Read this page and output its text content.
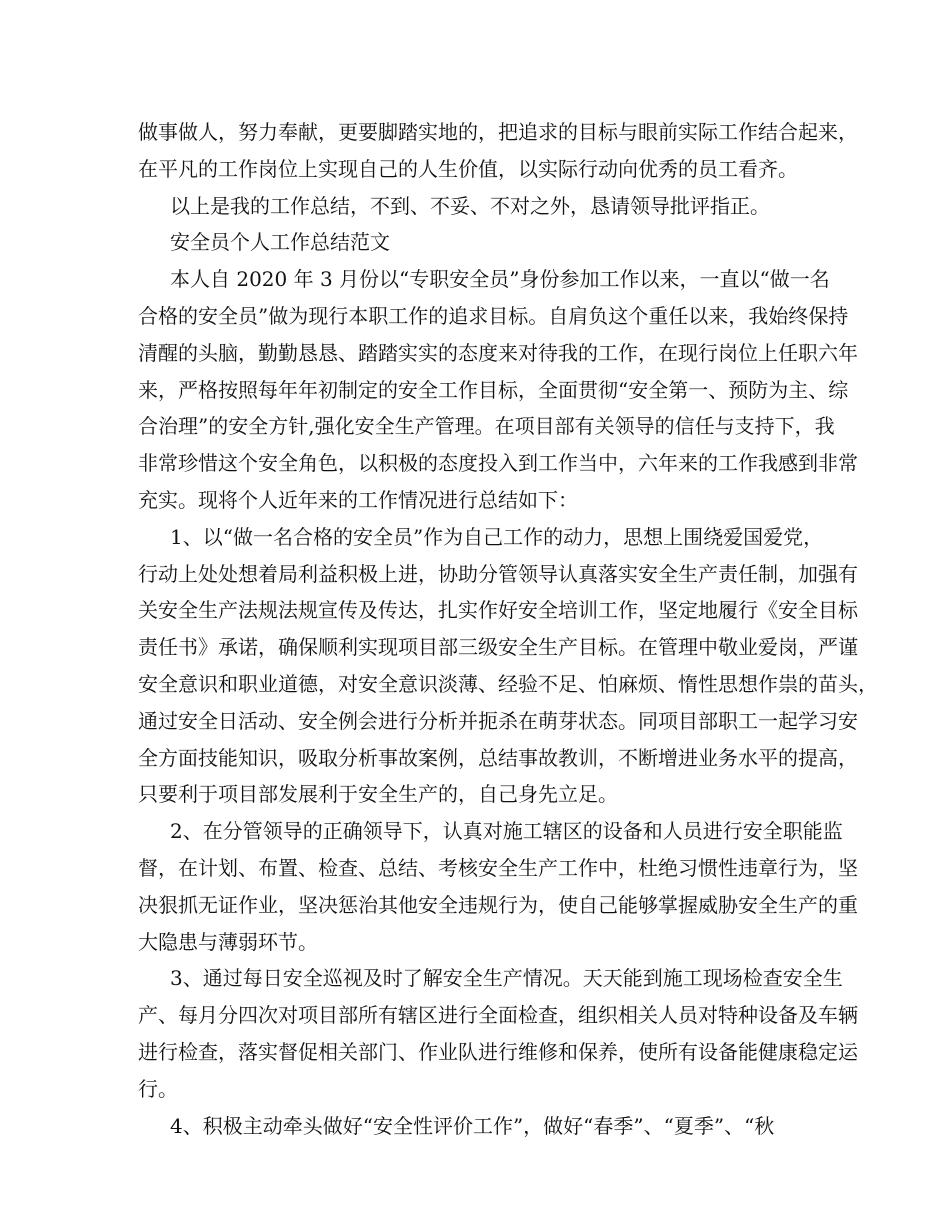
做事做人，努力奉献，更要脚踏实地的，把追求的目标与眼前实际工作结合起来，
在平凡的工作岗位上实现自己的人生价值，以实际行动向优秀的员工看齐。
以上是我的工作总结，不到、不妥、不对之外，恳请领导批评指正。
安全员个人工作总结范文
本人自 2020 年 3 月份以“专职安全员”身份参加工作以来，一直以“做一名
合格的安全员”做为现行本职工作的追求目标。自肩负这个重任以来，我始终保持
清醒的头脑，勤勤恳恳、踏踏实实的态度来对待我的工作，在现行岗位上任职六年
来，严格按照每年年初制定的安全工作目标，全面贯彻“安全第一、预防为主、综
合治理”的安全方针,强化安全生产管理。在项目部有关领导的信任与支持下，我
非常珍惜这个安全角色，以积极的态度投入到工作当中，六年来的工作我感到非常
充实。现将个人近年来的工作情况进行总结如下：
1、以“做一名合格的安全员”作为自己工作的动力，思想上围绕爱国爱党，
行动上处处想着局利益积极上进，协助分管领导认真落实安全生产责任制，加强有
关安全生产法规法规宣传及传达，扎实作好安全培训工作，坚定地履行《安全目标
责任书》承诺，确保顺利实现项目部三级安全生产目标。在管理中敬业爱岗，严谨
安全意识和职业道德，对安全意识淡薄、经验不足、怕麻烦、惰性思想作祟的苗头，
通过安全日活动、安全例会进行分析并扼杀在萌芽状态。同项目部职工一起学习安
全方面技能知识，吸取分析事故案例，总结事故教训，不断增进业务水平的提高，
只要利于项目部发展利于安全生产的，自己身先立足。
2、在分管领导的正确领导下，认真对施工辖区的设备和人员进行安全职能监
督，在计划、布置、检查、总结、考核安全生产工作中，杜绝习惯性违章行为，坚
决狠抓无证作业，坚决惩治其他安全违规行为，使自己能够掌握威胁安全生产的重
大隐患与薄弱环节。
3、通过每日安全巡视及时了解安全生产情况。天天能到施工现场检查安全生
产、每月分四次对项目部所有辖区进行全面检查，组织相关人员对特种设备及车辆
进行检查，落实督促相关部门、作业队进行维修和保养，使所有设备能健康稳定运
行。
4、积极主动牵头做好“安全性评价工作”，做好“春季”、“夏季”、“秋
